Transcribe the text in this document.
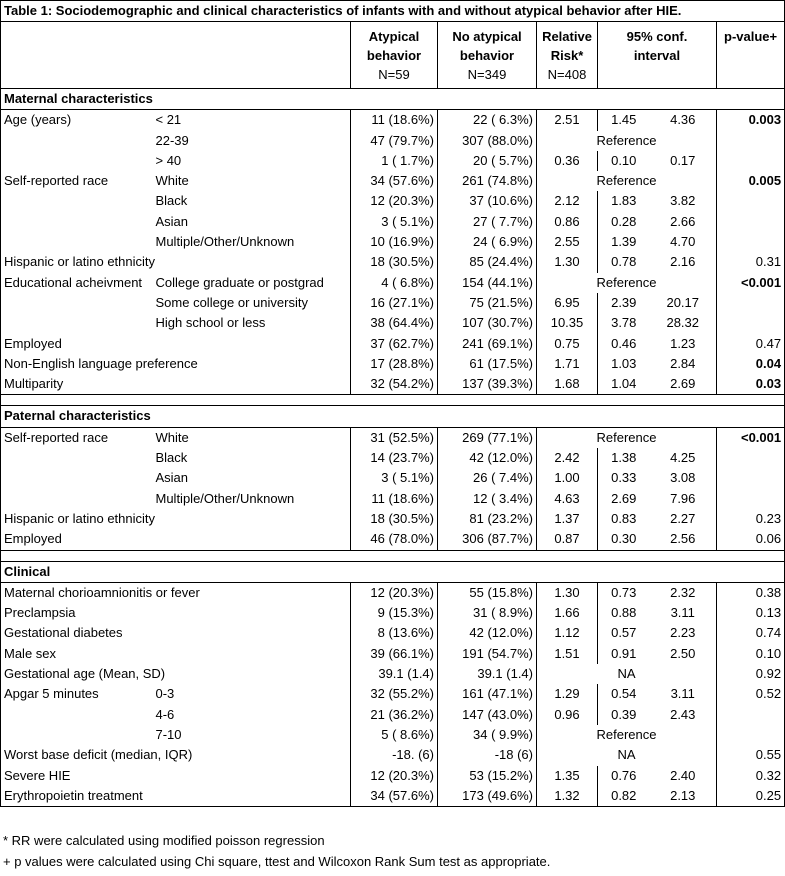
Table 1: Sociodemographic and clinical characteristics of infants with and without atypical behavior after HIE.							
		Atypical
behavior
N=59	No atypical
behavior
N=349	Relative
Risk*
N=408	95% conf.
interval		p-value+

Maternal characteristics							
Age (years)	< 21	11 (18.6%)	22 ( 6.3%)	2.51	1.45	4.36	0.003
	22-39	47 (79.7%)	307 (88.0%)	Reference			
	> 40	1 ( 1.7%)	20 ( 5.7%)	0.36	0.10	0.17	
Self-reported race	White	34 (57.6%)	261 (74.8%)	Reference			0.005
	Black	12 (20.3%)	37 (10.6%)	2.12	1.83	3.82	
	Asian	3 ( 5.1%)	27 ( 7.7%)	0.86	0.28	2.66	
	Multiple/Other/Unknown	10 (16.9%)	24 ( 6.9%)	2.55	1.39	4.70	
Hispanic or latino ethnicity		18 (30.5%)	85 (24.4%)	1.30	0.78	2.16	0.31
Educational acheivment	College graduate or postgrad	4 ( 6.8%)	154 (44.1%)	Reference			<0.001
	Some college or university	16 (27.1%)	75 (21.5%)	6.95	2.39	20.17	
	High school or less	38 (64.4%)	107 (30.7%)	10.35	3.78	28.32	
Employed		37 (62.7%)	241 (69.1%)	0.75	0.46	1.23	0.47
Non-English language preference		17 (28.8%)	61 (17.5%)	1.71	1.03	2.84	0.04
Multiparity		32 (54.2%)	137 (39.3%)	1.68	1.04	2.69	0.03

Paternal characteristics							
Self-reported race	White	31 (52.5%)	269 (77.1%)	Reference			<0.001
	Black	14 (23.7%)	42 (12.0%)	2.42	1.38	4.25	
	Asian	3 ( 5.1%)	26 ( 7.4%)	1.00	0.33	3.08	
	Multiple/Other/Unknown	11 (18.6%)	12 ( 3.4%)	4.63	2.69	7.96	
Hispanic or latino ethnicity		18 (30.5%)	81 (23.2%)	1.37	0.83	2.27	0.23
Employed		46 (78.0%)	306 (87.7%)	0.87	0.30	2.56	0.06

Clinical							
Maternal chorioamnionitis or fever		12 (20.3%)	55 (15.8%)	1.30	0.73	2.32	0.38
Preclampsia		9 (15.3%)	31 ( 8.9%)	1.66	0.88	3.11	0.13
Gestational diabetes		8 (13.6%)	42 (12.0%)	1.12	0.57	2.23	0.74
Male sex		39 (66.1%)	191 (54.7%)	1.51	0.91	2.50	0.10
Gestational age (Mean, SD)		39.1 (1.4)	39.1 (1.4)	NA			0.92
Apgar 5 minutes	0-3	32 (55.2%)	161 (47.1%)	1.29	0.54	3.11	0.52
	4-6	21 (36.2%)	147 (43.0%)	0.96	0.39	2.43	
	7-10	5 ( 8.6%)	34 ( 9.9%)	Reference			
Worst base deficit (median, IQR)		-18. (6)	-18 (6)	NA			0.55
Severe HIE		12 (20.3%)	53 (15.2%)	1.35	0.76	2.40	0.32
Erythropoietin treatment		34 (57.6%)	173 (49.6%)	1.32	0.82	2.13	0.25
* RR were calculated using modified poisson regression
+ p values were calculated using Chi square, ttest and Wilcoxon Rank Sum test as appropriate.
